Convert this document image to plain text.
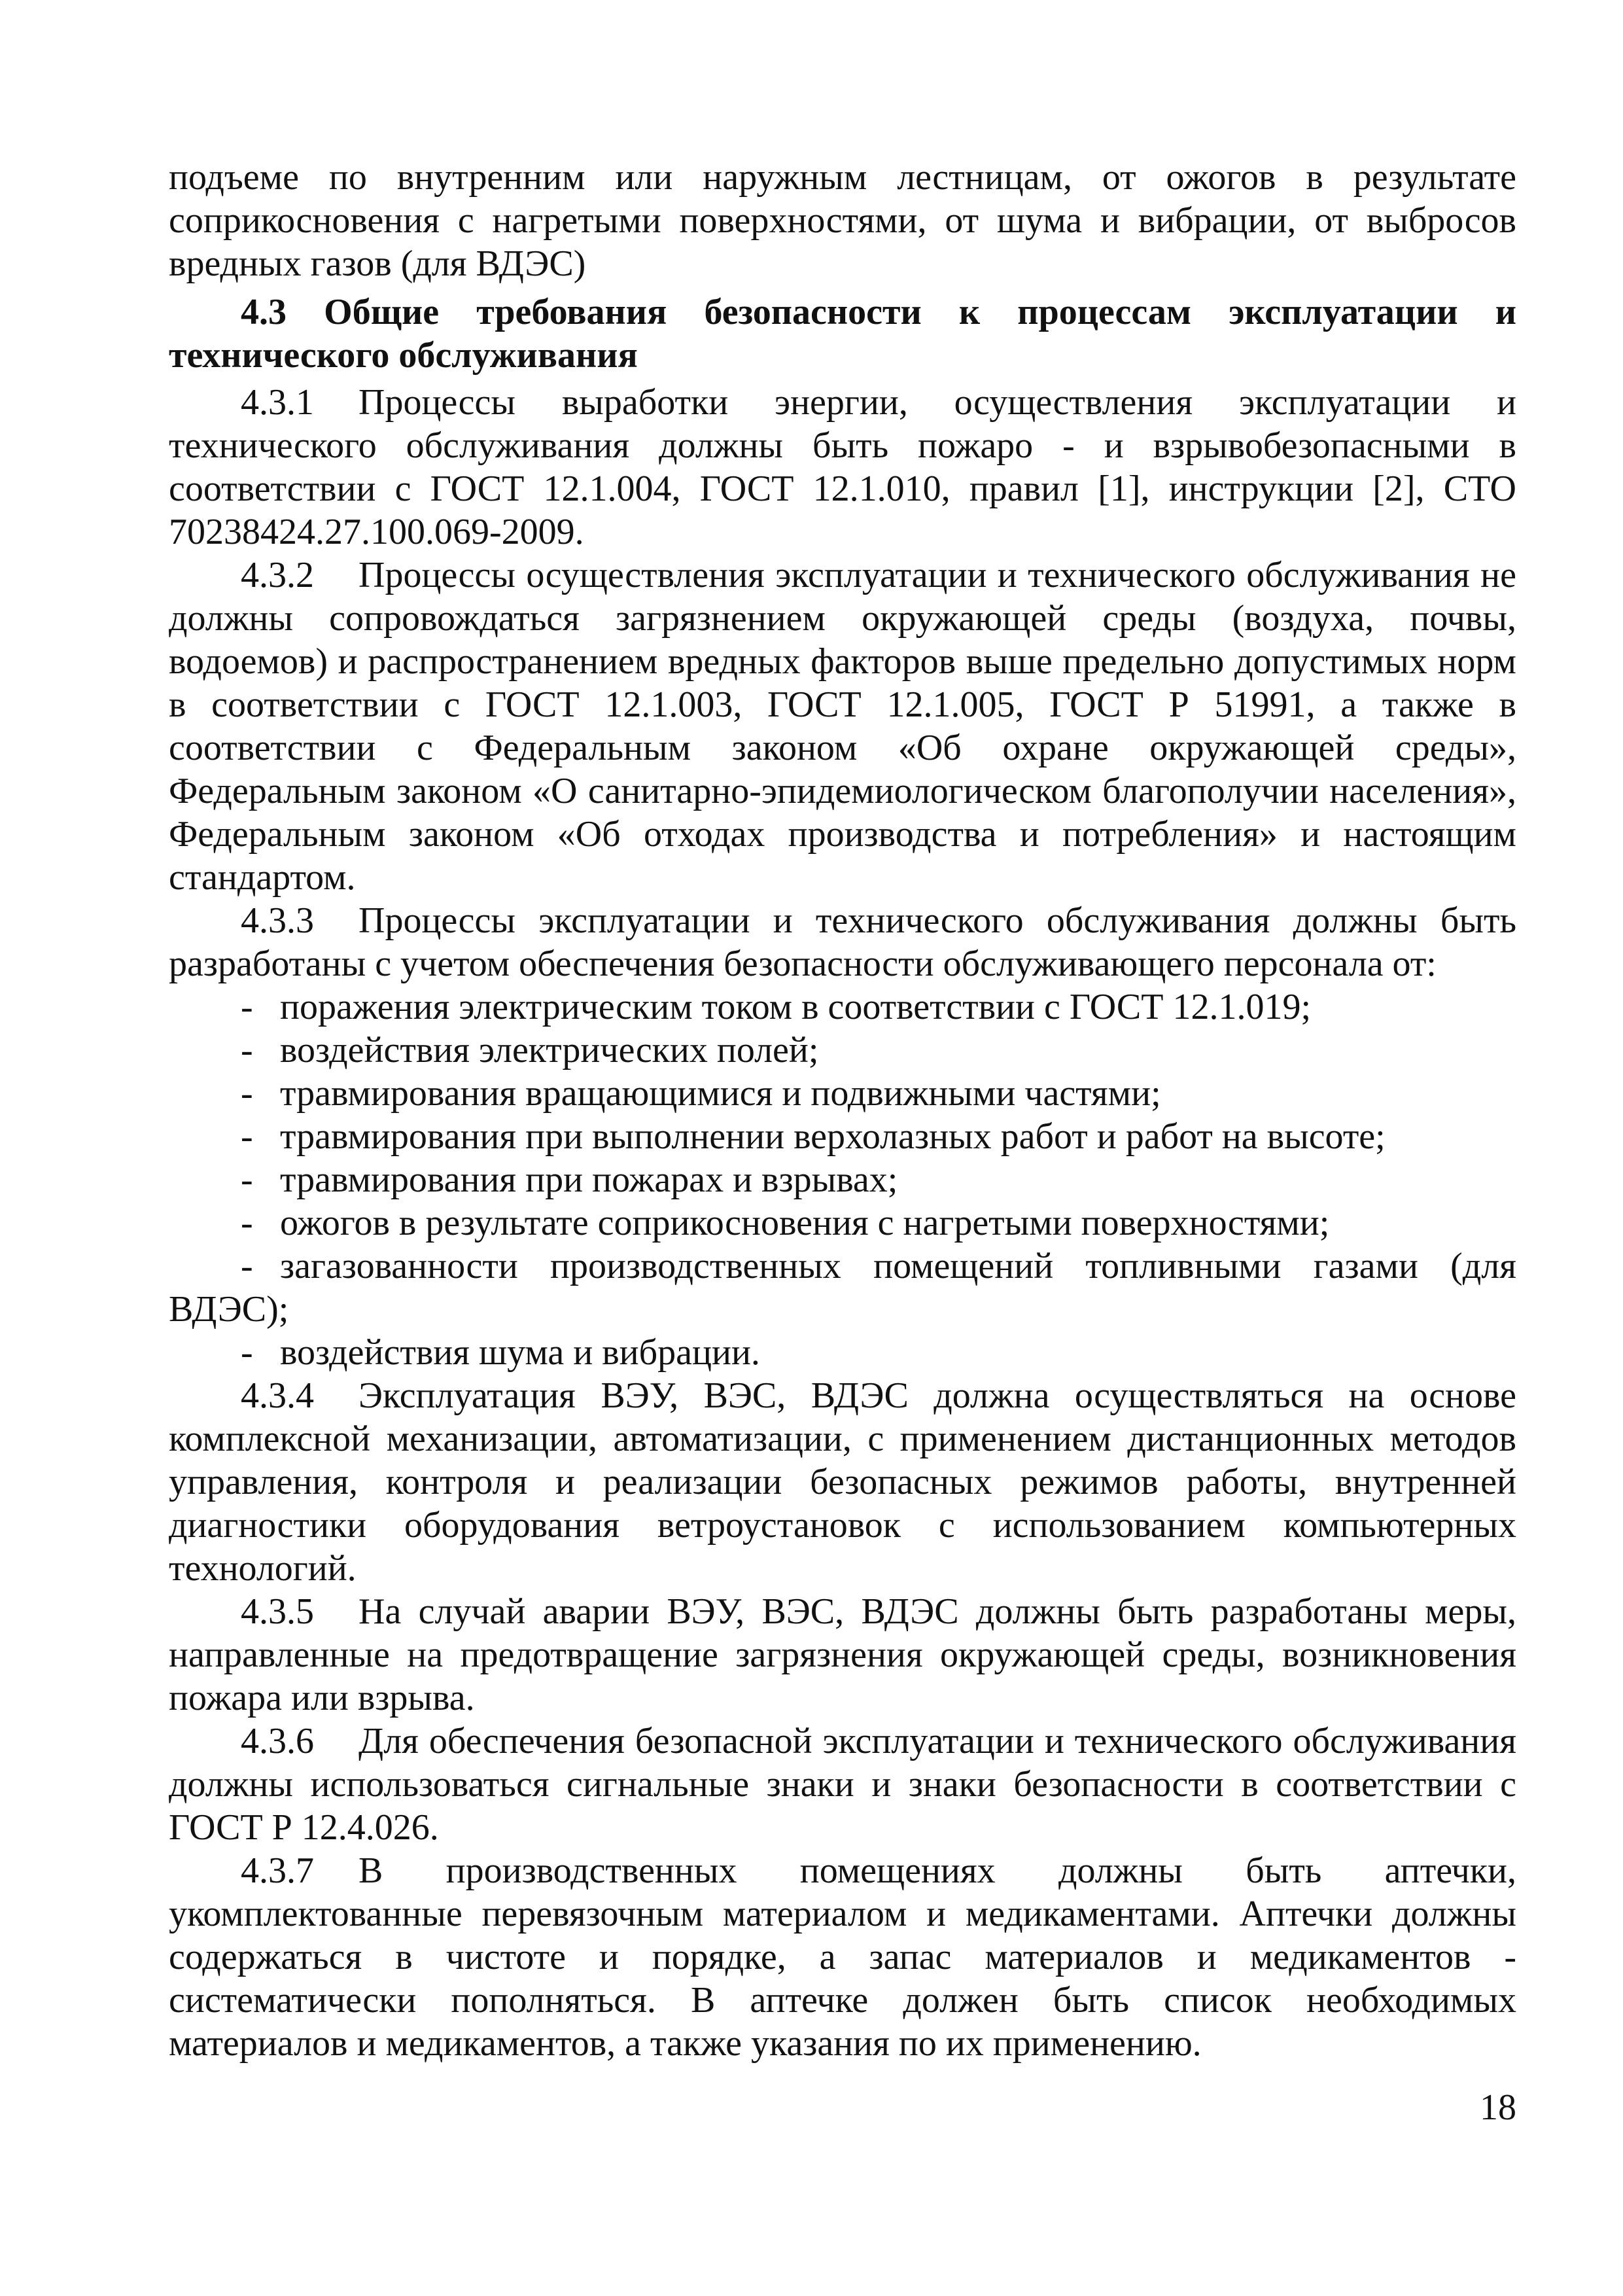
подъеме по внутренним или наружным лестницам, от ожогов в результате соприкосновения с нагретыми поверхностями, от шума и вибрации, от выбросов вредных газов (для ВДЭС)

4.3 Общие требования безопасности к процессам эксплуатации и технического обслуживания

4.3.1 Процессы выработки энергии, осуществления эксплуатации и технического обслуживания должны быть пожаро - и взрывобезопасными в соответствии с ГОСТ 12.1.004, ГОСТ 12.1.010, правил [1], инструкции [2], СТО 70238424.27.100.069-2009.

4.3.2 Процессы осуществления эксплуатации и технического обслуживания не должны сопровождаться загрязнением окружающей среды (воздуха, почвы, водоемов) и распространением вредных факторов выше предельно допустимых норм в соответствии с ГОСТ 12.1.003, ГОСТ 12.1.005, ГОСТ Р 51991, а также в соответствии с Федеральным законом «Об охране окружающей среды», Федеральным законом «О санитарно-эпидемиологическом благополучии населения», Федеральным законом «Об отходах производства и потребления» и настоящим стандартом.

4.3.3 Процессы эксплуатации и технического обслуживания должны быть разработаны с учетом обеспечения безопасности обслуживающего персонала от:

- поражения электрическим током в соответствии с ГОСТ 12.1.019;

- воздействия электрических полей;

- травмирования вращающимися и подвижными частями;

- травмирования при выполнении верхолазных работ и работ на высоте;

- травмирования при пожарах и взрывах;

- ожогов в результате соприкосновения с нагретыми поверхностями;

- загазованности производственных помещений топливными газами (для ВДЭС);

- воздействия шума и вибрации.

4.3.4 Эксплуатация ВЭУ, ВЭС, ВДЭС должна осуществляться на основе комплексной механизации, автоматизации, с применением дистанционных методов управления, контроля и реализации безопасных режимов работы, внутренней диагностики оборудования ветроустановок с использованием компьютерных технологий.

4.3.5 На случай аварии ВЭУ, ВЭС, ВДЭС должны быть разработаны меры, направленные на предотвращение загрязнения окружающей среды, возникновения пожара или взрыва.

4.3.6 Для обеспечения безопасной эксплуатации и технического обслуживания должны использоваться сигнальные знаки и знаки безопасности в соответствии с ГОСТ Р 12.4.026.

4.3.7 В производственных помещениях должны быть аптечки, укомплектованные перевязочным материалом и медикаментами. Аптечки должны содержаться в чистоте и порядке, а запас материалов и медикаментов - систематически пополняться. В аптечке должен быть список необходимых материалов и медикаментов, а также указания по их применению.

18
